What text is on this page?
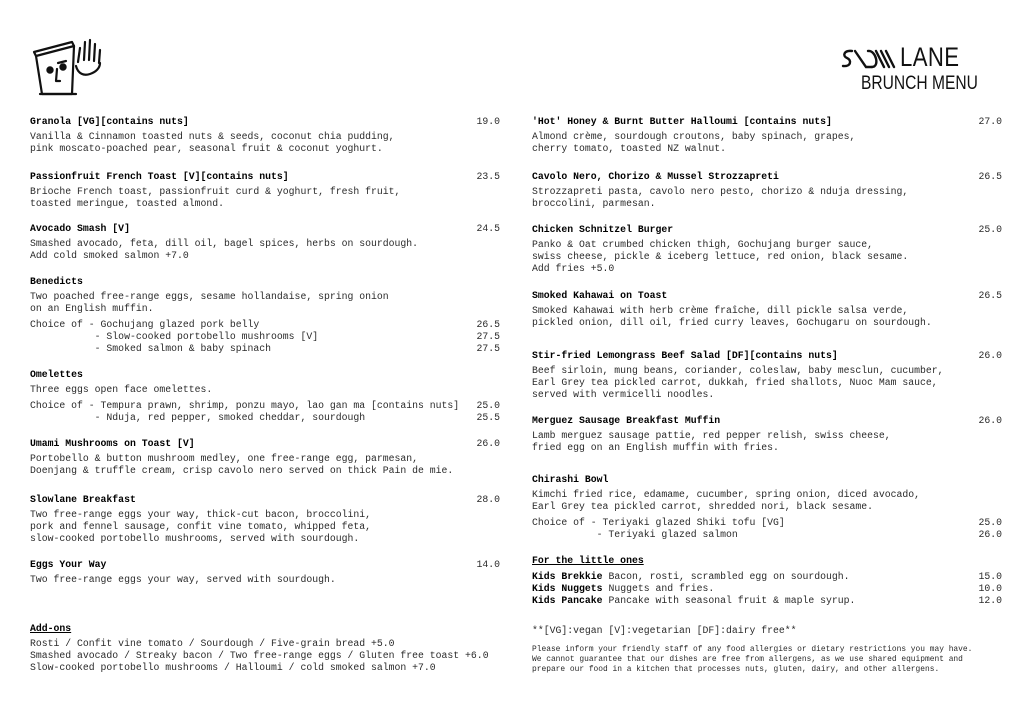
LANE
BRUNCH MENU
Granola [VG][contains nuts]	19.0
Vanilla & Cinnamon toasted nuts & seeds, coconut chia pudding,
pink moscato-poached pear, seasonal fruit & coconut yoghurt.
Passionfruit French Toast [V][contains nuts]	23.5
Brioche French toast, passionfruit curd & yoghurt, fresh fruit,
toasted meringue, toasted almond.
Avocado Smash [V]	24.5
Smashed avocado, feta, dill oil, bagel spices, herbs on sourdough.
Add cold smoked salmon +7.0
Benedicts
Two poached free-range eggs, sesame hollandaise, spring onion
on an English muffin.
Choice of - Gochujang glazed pork belly	26.5
- Slow-cooked portobello mushrooms [V]	27.5
- Smoked salmon & baby spinach	27.5
Omelettes
Three eggs open face omelettes.
Choice of - Tempura prawn, shrimp, ponzu mayo, lao gan ma [contains nuts] 25.0
- Nduja, red pepper, smoked cheddar, sourdough	25.5
Umami Mushrooms on Toast [V]	26.0
Portobello & button mushroom medley, one free-range egg, parmesan,
Doenjang & truffle cream, crisp cavolo nero served on thick Pain de mie.
Slowlane Breakfast	28.0
Two free-range eggs your way, thick-cut bacon, broccolini,
pork and fennel sausage, confit vine tomato, whipped feta,
slow-cooked portobello mushrooms, served with sourdough.
Eggs Your Way	14.0
Two free-range eggs your way, served with sourdough.
Add-ons
Rosti / Confit vine tomato / Sourdough / Five-grain bread +5.0
Smashed avocado / Streaky bacon / Two free-range eggs / Gluten free toast +6.0
Slow-cooked portobello mushrooms / Halloumi / cold smoked salmon +7.0
'Hot' Honey & Burnt Butter Halloumi [contains nuts]	27.0
Almond crème, sourdough croutons, baby spinach, grapes,
cherry tomato, toasted NZ walnut.
Cavolo Nero, Chorizo & Mussel Strozzapreti	26.5
Strozzapreti pasta, cavolo nero pesto, chorizo & nduja dressing,
broccolini, parmesan.
Chicken Schnitzel Burger	25.0
Panko & Oat crumbed chicken thigh, Gochujang burger sauce,
swiss cheese, pickle & iceberg lettuce, red onion, black sesame.
Add fries +5.0
Smoked Kahawai on Toast	26.5
Smoked Kahawai with herb crème fraîche, dill pickle salsa verde,
pickled onion, dill oil, fried curry leaves, Gochugaru on sourdough.
Stir-fried Lemongrass Beef Salad [DF][contains nuts]	26.0
Beef sirloin, mung beans, coriander, coleslaw, baby mesclun, cucumber,
Earl Grey tea pickled carrot, dukkah, fried shallots, Nuoc Mam sauce,
served with vermicelli noodles.
Merguez Sausage Breakfast Muffin	26.0
Lamb merguez sausage pattie, red pepper relish, swiss cheese,
fried egg on an English muffin with fries.
Chirashi Bowl
Kimchi fried rice, edamame, cucumber, spring onion, diced avocado,
Earl Grey tea pickled carrot, shredded nori, black sesame.
Choice of - Teriyaki glazed Shiki tofu [VG]	25.0
- Teriyaki glazed salmon	26.0
For the little ones
Kids Brekkie Bacon, rosti, scrambled egg on sourdough.	15.0
Kids Nuggets Nuggets and fries.	10.0
Kids Pancake Pancake with seasonal fruit & maple syrup.	12.0
**[VG]:vegan [V]:vegetarian [DF]:dairy free**
Please inform your friendly staff of any food allergies or dietary restrictions you may have.
We cannot guarantee that our dishes are free from allergens, as we use shared equipment and
prepare our food in a kitchen that processes nuts, gluten, dairy, and other allergens.
